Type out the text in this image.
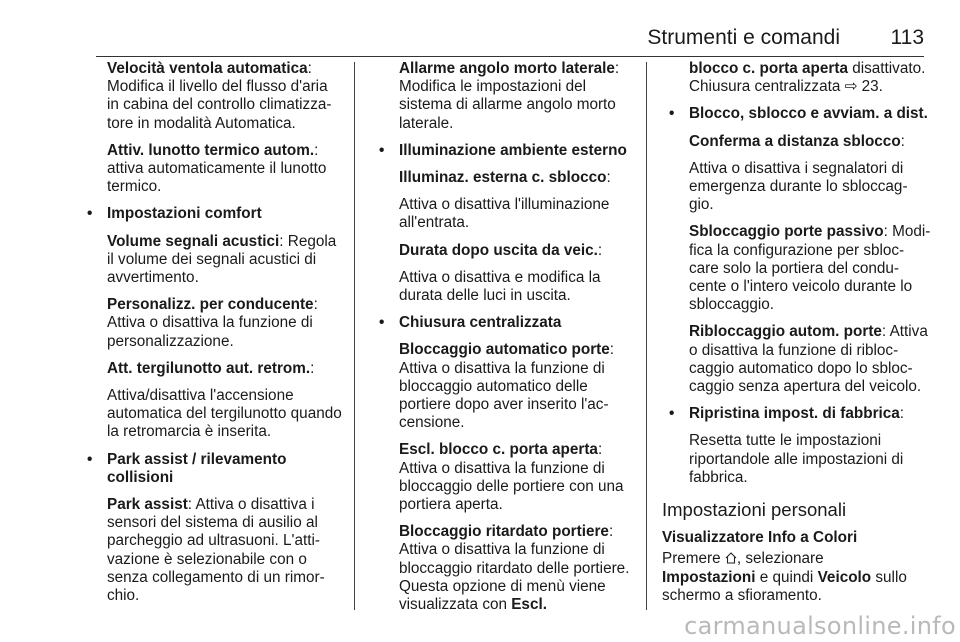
Strumenti e comandi 113

Velocità ventola automatica: Modifica il livello del flusso d'aria in cabina del controllo climatizza-tore in modalità Automatica.

Attiv. lunotto termico autom.: attiva automaticamente il lunotto termico.

• Impostazioni comfort

Volume segnali acustici: Regola il volume dei segnali acustici di avvertimento.

Personalizz. per conducente: Attiva o disattiva la funzione di personalizzazione.

Att. tergilunotto aut. retrom.:

Attiva/disattiva l'accensione automatica del tergilunotto quando la retromarcia è inserita.

• Park assist / rilevamento collisioni

Park assist: Attiva o disattiva i sensori del sistema di ausilio al parcheggio ad ultrasuoni. L'atti-vazione è selezionabile con o senza collegamento di un rimor-chio.

Allarme angolo morto laterale: Modifica le impostazioni del sistema di allarme angolo morto laterale.

• Illuminazione ambiente esterno

Illuminaz. esterna c. sblocco:

Attiva o disattiva l'illuminazione all'entrata.

Durata dopo uscita da veic.:

Attiva o disattiva e modifica la durata delle luci in uscita.

• Chiusura centralizzata

Bloccaggio automatico porte: Attiva o disattiva la funzione di bloccaggio automatico delle portiere dopo aver inserito l'ac-censione.

Escl. blocco c. porta aperta: Attiva o disattiva la funzione di bloccaggio delle portiere con una portiera aperta.

Bloccaggio ritardato portiere: Attiva o disattiva la funzione di bloccaggio ritardato delle portiere. Questa opzione di menù viene visualizzata con Escl.

blocco c. porta aperta disattivato. Chiusura centralizzata ⇨ 23.

• Blocco, sblocco e avviam. a dist.

Conferma a distanza sblocco:

Attiva o disattiva i segnalatori di emergenza durante lo sbloccag-gio.

Sbloccaggio porte passivo: Modi-fica la configurazione per sbloc-care solo la portiera del condu-cente o l'intero veicolo durante lo sbloccaggio.

Ribloccaggio autom. porte: Attiva o disattiva la funzione di ribloc-caggio automatico dopo lo sbloc-caggio senza apertura del veicolo.

• Ripristina impost. di fabbrica:

Resetta tutte le impostazioni riportandole alle impostazioni di fabbrica.

Impostazioni personali
Visualizzatore Info a Colori

Premere , selezionare
Impostazioni e quindi Veicolo sullo schermo a sfioramento.

carmanualsonline.info
